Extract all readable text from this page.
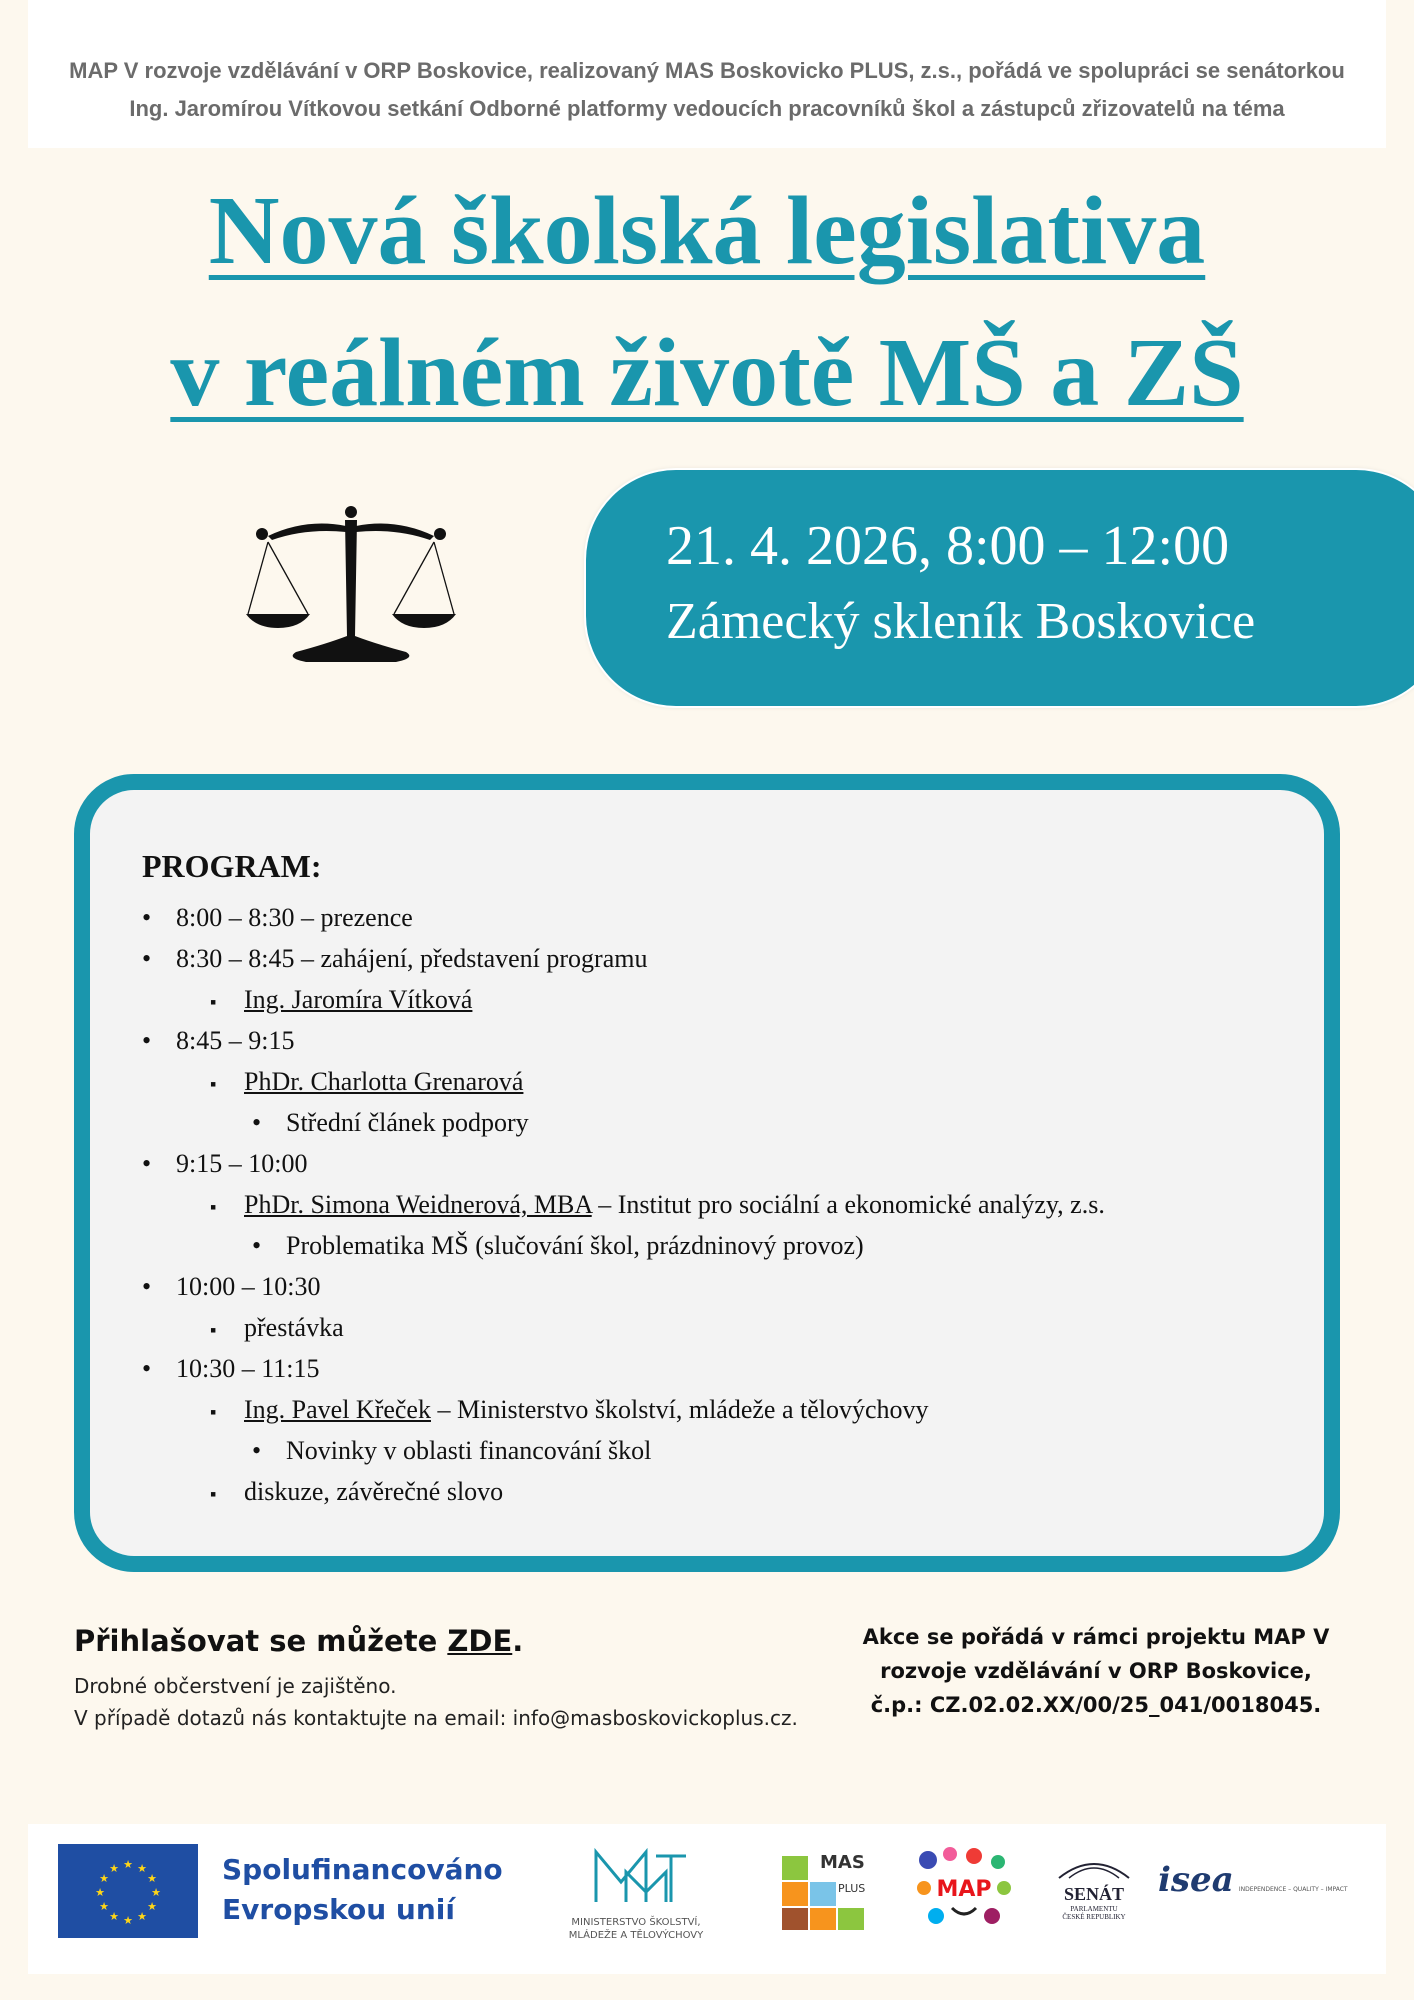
MAP V rozvoje vzdělávání v ORP Boskovice, realizovaný MAS Boskovicko PLUS, z.s., pořádá ve spolupráci se senátorkou
Ing. Jaromírou Vítkovou setkání Odborné platformy vedoucích pracovníků škol a zástupců zřizovatelů na téma
Nová školská legislativa
v reálném životě MŠ a ZŠ
21. 4. 2026, 8:00 – 12:00
Zámecký skleník Boskovice
PROGRAM:
•8:00 – 8:30 – prezence
•8:30 – 8:45 – zahájení, představení programu
▪Ing. Jaromíra Vítková
•8:45 – 9:15
▪PhDr. Charlotta Grenarová
•Střední článek podpory
•9:15 – 10:00
▪PhDr. Simona Weidnerová, MBA – Institut pro sociální a ekonomické analýzy, z.s.
•Problematika MŠ (slučování škol, prázdninový provoz)
•10:00 – 10:30
▪přestávka
•10:30 – 11:15
▪Ing. Pavel Křeček – Ministerstvo školství, mládeže a tělovýchovy
•Novinky v oblasti financování škol
▪diskuze, závěrečné slovo
Přihlašovat se můžete ZDE.
Drobné občerstvení je zajištěno.
V případě dotazů nás kontaktujte na email: info@masboskovickoplus.cz.
Akce se pořádá v rámci projektu MAP V
rozvoje vzdělávání v ORP Boskovice,
č.p.: CZ.02.02.XX/00/25_041/0018045.
★ ★
★
★
★
★
★
★
★
★
★
★	Spolufinancováno
Evropskou unií	MINISTERSTVO ŠKOLSTVÍ,
MLÁDEŽE A TĚLOVÝCHOVY
MAS
PLUS	MAP	SENÁT
PARLAMENTU
ČESKÉ REPUBLIKY
isea INDEPENDENCE – QUALITY – IMPACT
